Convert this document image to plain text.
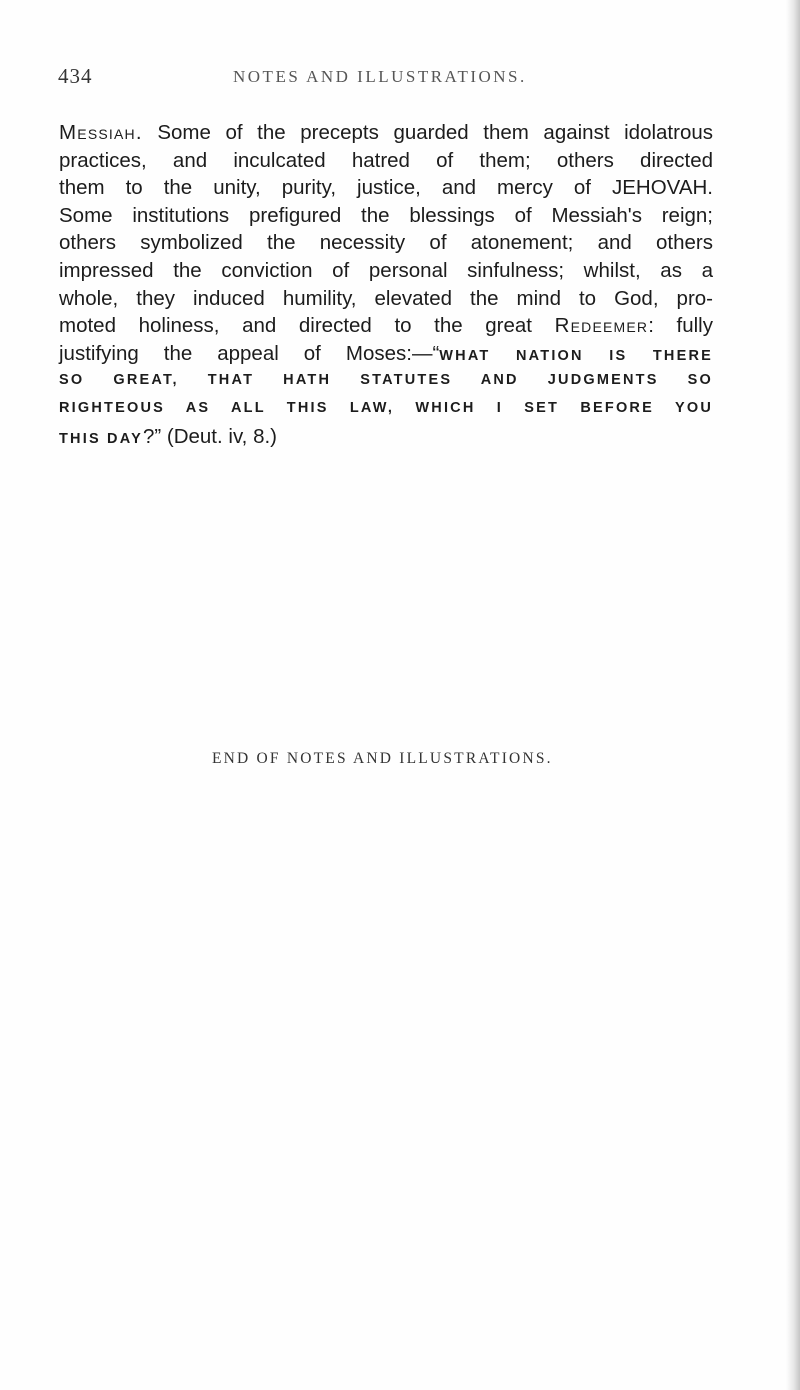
434	NOTES AND ILLUSTRATIONS.
Messiah. Some of the precepts guarded them against idolatrous
practices, and inculcated hatred of them; others directed
them to the unity, purity, justice, and mercy of JEHOVAH.
Some institutions prefigured the blessings of Messiah's reign;
others symbolized the necessity of atonement; and others
impressed the conviction of personal sinfulness; whilst, as a
whole, they induced humility, elevated the mind to God, pro-
moted holiness, and directed to the great Redeemer: fully
justifying the appeal of Moses:—“WHAT NATION IS THERE
SO GREAT, THAT HATH STATUTES AND JUDGMENTS SO
RIGHTEOUS AS ALL THIS LAW, WHICH I SET BEFORE YOU
THIS DAY?” (Deut. iv, 8.)
END OF NOTES AND ILLUSTRATIONS.
